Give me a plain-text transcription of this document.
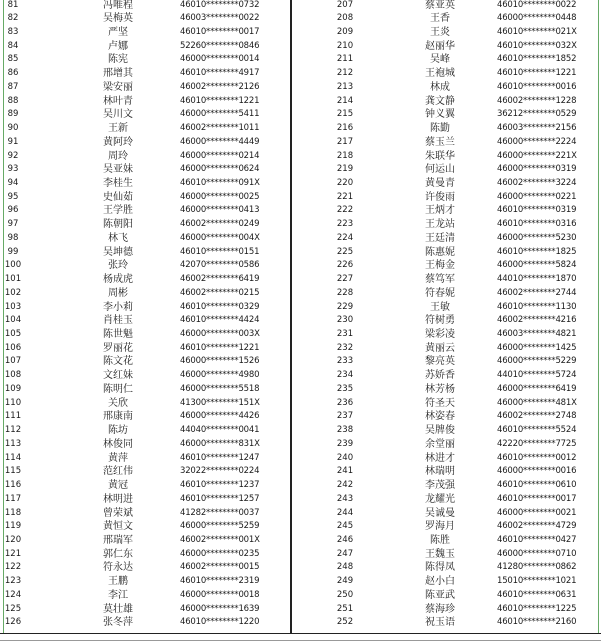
81	冯唯程	46010********0732
82	吴梅英	46003********0022
83	严坚	46010********0017
84	卢娜	52260********0846
85	陈宪	46000********0014
86	邢增其	46010********4917
87	梁安丽	46002********2126
88	林叶青	46010********1221
89	吴川文	46000********5411
90	王新	46002********1011
91	黄阿玲	46000********4449
92	周玲	46000********0214
93	吴亚妹	46000********0624
94	李桂生	46010********091X
95	史仙茹	46000********0025
96	王学胜	46000********0413
97	陈朝阳	46002********0249
98	林飞	46000********004X
99	吴坤德	46010********0151
100	张玲	42070********0586
101	杨成虎	46002********6419
102	周彬	46002********0215
103	李小莉	46010********0329
104	肖桂玉	46010********4424
105	陈世魁	46000********003X
106	罗丽花	46010********1221
107	陈文花	46000********1526
108	文红妹	46000********4980
109	陈明仁	46000********5518
110	关欣	41300********151X
111	邢康南	46000********4426
112	陈坊	44040********0041
113	林俊同	46000********831X
114	黄萍	46010********1247
115	范红伟	32022********0224
116	黄冠	46010********1237
117	林明进	46010********1257
118	曾荣斌	41282********0037
119	黄恒文	46000********5259
120	邢瑞军	46002********001X
121	郭仁东	46000********0235
122	符永达	46002********0015
123	王鹏	46010********2319
124	李江	46000********0018
125	莫壮雄	46000********1639
126	张冬萍	46010********1220
207	蔡亚英	46010********0022
208	王香	46000********0448
209	王炎	46010********021X
210	赵丽华	46010********032X
211	吴峰	46010********1852
212	王袍城	46010********1221
213	林成	46010********0016
214	龚文静	46002********1228
215	钟义翼	36212********0529
216	陈勤	46003********2156
217	蔡玉兰	46000********2224
218	朱联华	46000********221X
219	何运山	46000********0319
220	黄曼青	46002********3224
221	许俊雨	46000********0221
222	王炳才	46010********0319
223	王龙站	46010********0316
224	王廷清	46000********5230
225	陈惠妮	46010********1825
226	王梅金	46000********5824
227	蔡笃军	44010********1870
228	符春妮	46002********2744
229	王敏	46010********1130
230	符树勇	46002********4216
231	梁彩凌	46003********4821
232	黄丽云	46000********1425
233	黎亮英	46000********5229
234	苏娇香	44010********5724
235	林芳杨	46000********6419
236	符圣天	46000********481X
237	林姿春	46002********2748
238	吴牌俊	46010********5524
239	余堂丽	42220********7725
240	林进才	46010********0012
241	林瑞明	46000********0016
242	李茂强	46010********0610
243	龙耀光	46010********0017
244	吴诚曼	46000********0021
245	罗海月	46002********4729
246	陈胜	46010********0427
247	王魏玉	46000********0710
248	陈得凤	41280********0862
249	赵小白	15010********1021
250	陈亚武	46010********0631
251	蔡海珍	46010********1225
252	祝玉语	46010********2160
